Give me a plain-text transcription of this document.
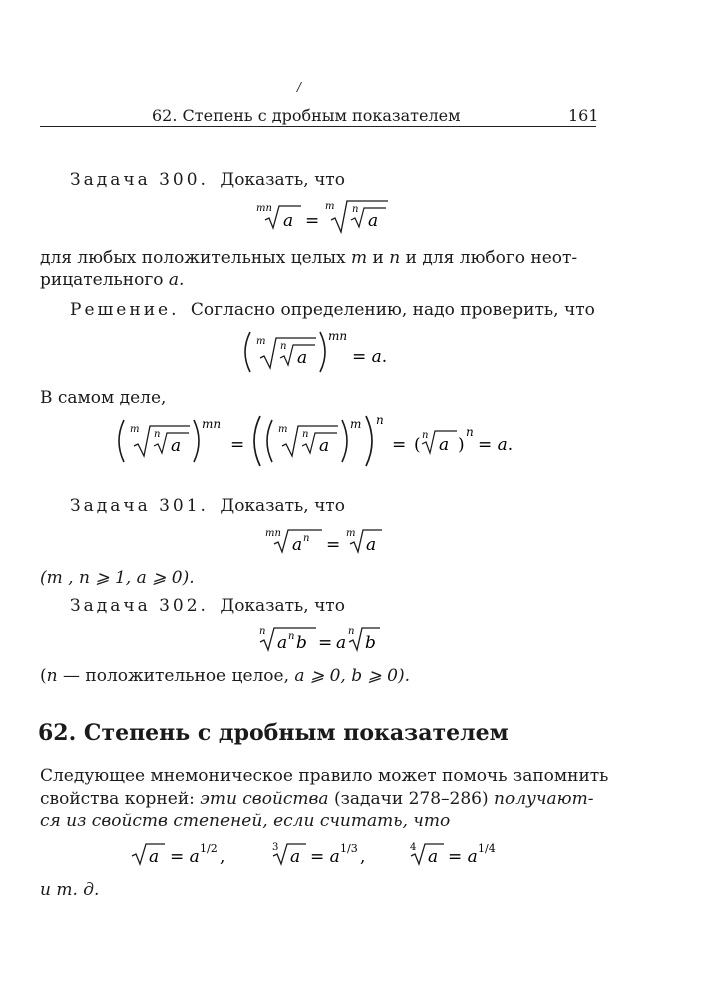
/
62. Степень с дробным показателем	161
Задача 300. Доказать, что
mn
a =
m n
a
для любых положительных целых m и n и для любого неот-
рицательного a.
Решение. Согласно определению, надо проверить, что
m n
a
mn
= a.
В самом деле,
m n
a
mn
=
m n
a
m n
= ( n a )
n
= a.
Задача 301. Доказать, что
mn
a n =
m
a
(m , n ⩾ 1, a ⩾ 0).
Задача 302. Доказать, что
n
a n b = a
n
b
(n — положительное целое, a ⩾ 0, b ⩾ 0).
62. Степень с дробным показателем
Следующее мнемоническое правило может помочь запомнить
свойства корней: эти свойства (задачи 278–286) получают-
ся из свойств степеней, если считать, что
a = a 1/2 ,	3 a = a 1/3 ,	4 a = a 1/4
и т. д.
